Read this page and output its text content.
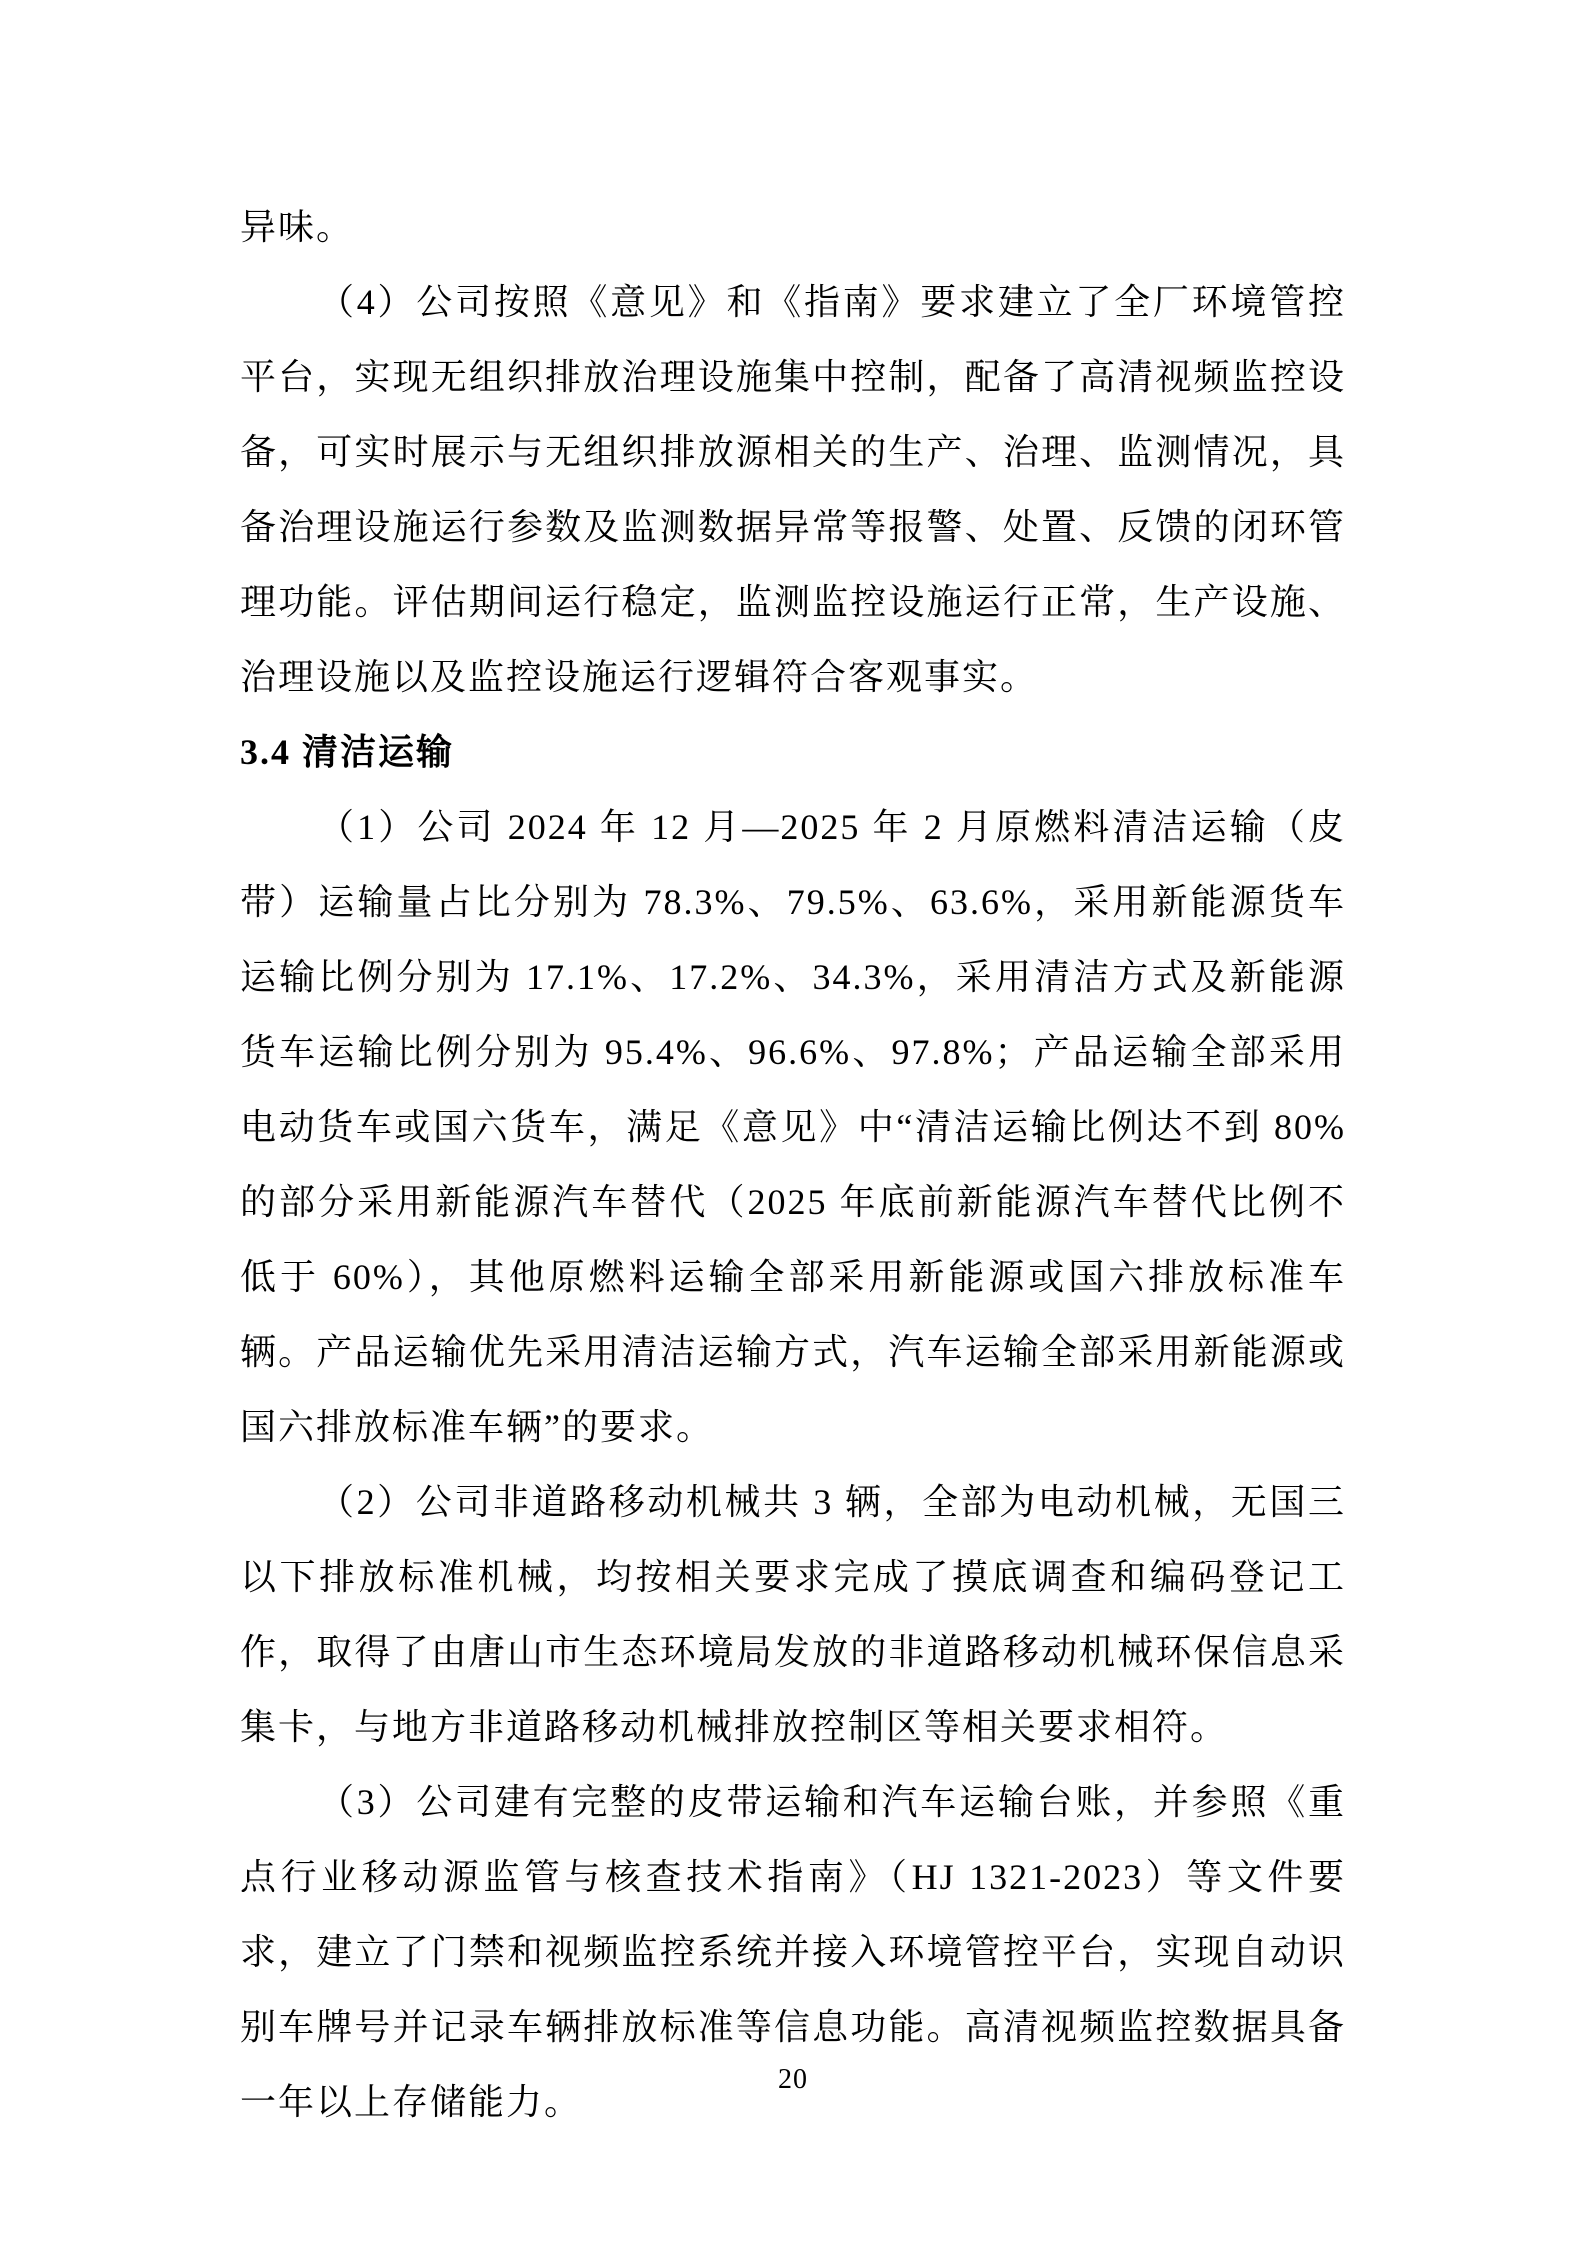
异味。

（4）公司按照《意见》和《指南》要求建立了全厂环境管控平台，实现无组织排放治理设施集中控制，配备了高清视频监控设备，可实时展示与无组织排放源相关的生产、治理、监测情况，具备治理设施运行参数及监测数据异常等报警、处置、反馈的闭环管理功能。评估期间运行稳定，监测监控设施运行正常，生产设施、治理设施以及监控设施运行逻辑符合客观事实。

3.4 清洁运输

（1）公司 2024 年 12 月—2025 年 2 月原燃料清洁运输（皮带）运输量占比分别为 78.3%、79.5%、63.6%，采用新能源货车运输比例分别为 17.1%、17.2%、34.3%，采用清洁方式及新能源货车运输比例分别为 95.4%、96.6%、97.8%；产品运输全部采用电动货车或国六货车，满足《意见》中“清洁运输比例达不到 80%的部分采用新能源汽车替代（2025 年底前新能源汽车替代比例不低于 60%），其他原燃料运输全部采用新能源或国六排放标准车辆。产品运输优先采用清洁运输方式，汽车运输全部采用新能源或国六排放标准车辆”的要求。

（2）公司非道路移动机械共 3 辆，全部为电动机械，无国三以下排放标准机械，均按相关要求完成了摸底调查和编码登记工作，取得了由唐山市生态环境局发放的非道路移动机械环保信息采集卡，与地方非道路移动机械排放控制区等相关要求相符。

（3）公司建有完整的皮带运输和汽车运输台账，并参照《重点行业移动源监管与核查技术指南》（HJ 1321-2023）等文件要求，建立了门禁和视频监控系统并接入环境管控平台，实现自动识别车牌号并记录车辆排放标准等信息功能。高清视频监控数据具备一年以上存储能力。

20
